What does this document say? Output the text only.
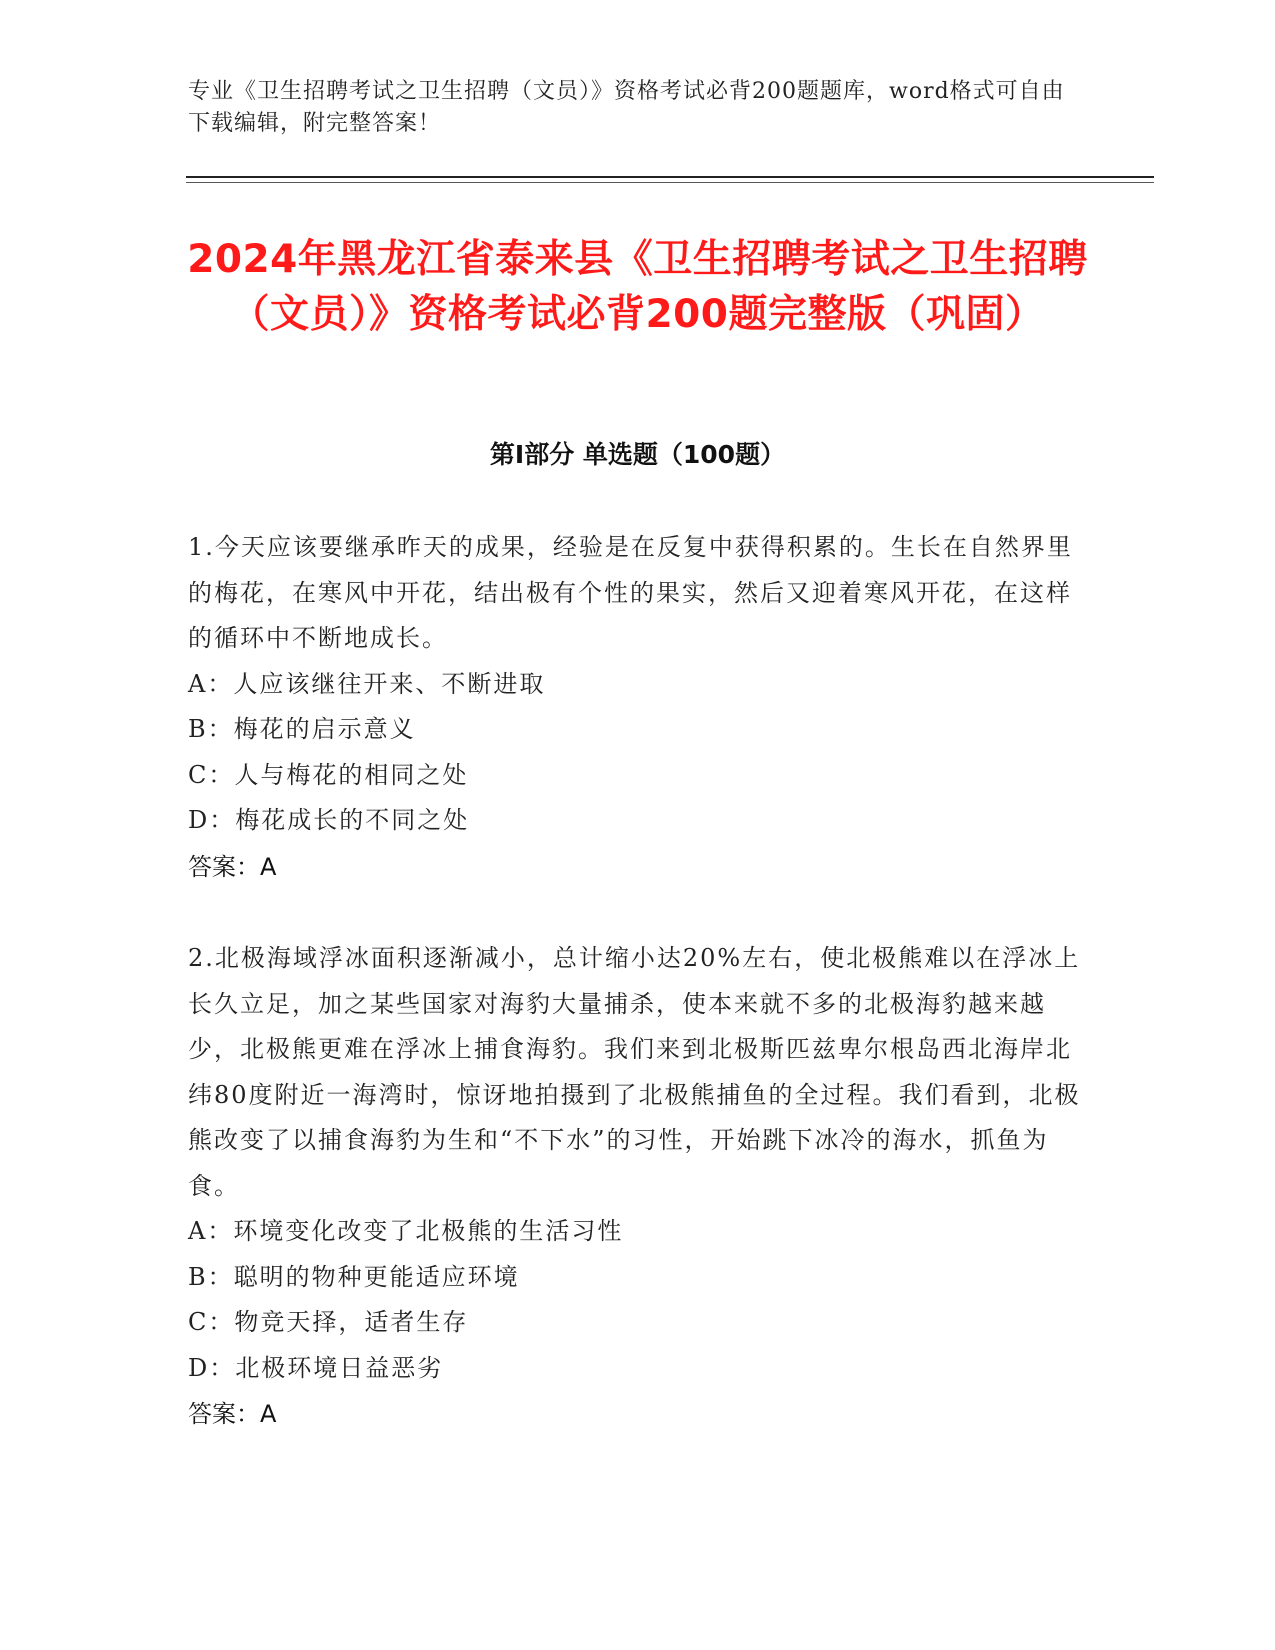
专业《卫生招聘考试之卫生招聘（文员）》资格考试必背200题题库，word格式可自由下载编辑，附完整答案！
2024年黑龙江省泰来县《卫生招聘考试之卫生招聘（文员）》资格考试必背200题完整版（巩固）
第Ⅰ部分 单选题（100题）

1.今天应该要继承昨天的成果，经验是在反复中获得积累的。生长在自然界里的梅花，在寒风中开花，结出极有个性的果实，然后又迎着寒风开花，在这样的循环中不断地成长。

A：人应该继往开来、不断进取

B：梅花的启示意义

C：人与梅花的相同之处

D：梅花成长的不同之处

答案：A

2.北极海域浮冰面积逐渐减小，总计缩小达20%左右，使北极熊难以在浮冰上长久立足，加之某些国家对海豹大量捕杀，使本来就不多的北极海豹越来越少，北极熊更难在浮冰上捕食海豹。我们来到北极斯匹兹卑尔根岛西北海岸北纬80度附近一海湾时，惊讶地拍摄到了北极熊捕鱼的全过程。我们看到，北极熊改变了以捕食海豹为生和“不下水”的习性，开始跳下冰冷的海水，抓鱼为食。

A：环境变化改变了北极熊的生活习性

B：聪明的物种更能适应环境

C：物竞天择，适者生存

D：北极环境日益恶劣

答案：A
